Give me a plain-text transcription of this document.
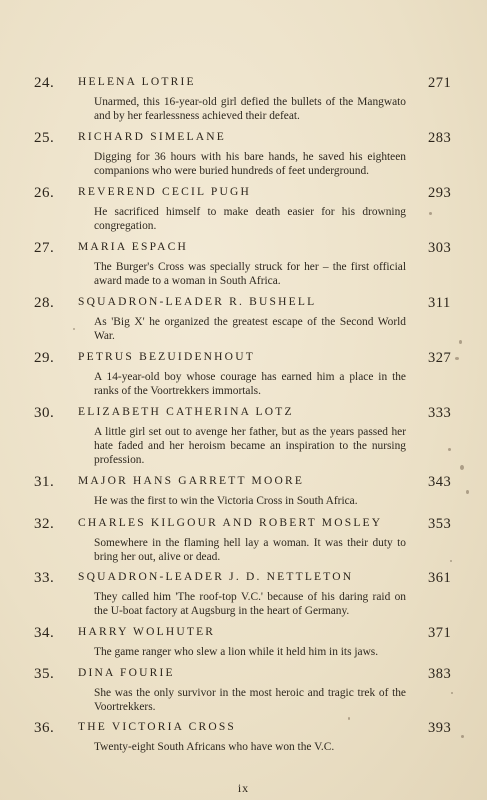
24. HELENA LOTRIE	271
Unarmed, this 16-year-old girl defied the bullets of the Mangwato and by her fearlessness achieved their defeat.
25. RICHARD SIMELANE	283
Digging for 36 hours with his bare hands, he saved his eighteen companions who were buried hundreds of feet underground.
26. REVEREND CECIL PUGH	293
He sacrificed himself to make death easier for his drowning congregation.
27. MARIA ESPACH	303
The Burger's Cross was specially struck for her – the first official award made to a woman in South Africa.
28. SQUADRON-LEADER R. BUSHELL	311
As 'Big X' he organized the greatest escape of the Second World War.
29. PETRUS BEZUIDENHOUT	327
A 14-year-old boy whose courage has earned him a place in the ranks of the Voortrekkers immortals.
30. ELIZABETH CATHERINA LOTZ	333
A little girl set out to avenge her father, but as the years passed her hate faded and her heroism became an inspiration to the nursing profession.
31. MAJOR HANS GARRETT MOORE	343
He was the first to win the Victoria Cross in South Africa.
32. CHARLES KILGOUR AND ROBERT MOSLEY	353
Somewhere in the flaming hell lay a woman. It was their duty to bring her out, alive or dead.
33. SQUADRON-LEADER J. D. NETTLETON	361
They called him 'The roof-top V.C.' because of his daring raid on the U-boat factory at Augsburg in the heart of Germany.
34. HARRY WOLHUTER	371
The game ranger who slew a lion while it held him in its jaws.
35. DINA FOURIE	383
She was the only survivor in the most heroic and tragic trek of the Voortrekkers.
36. THE VICTORIA CROSS	393
Twenty-eight South Africans who have won the V.C.
ix
